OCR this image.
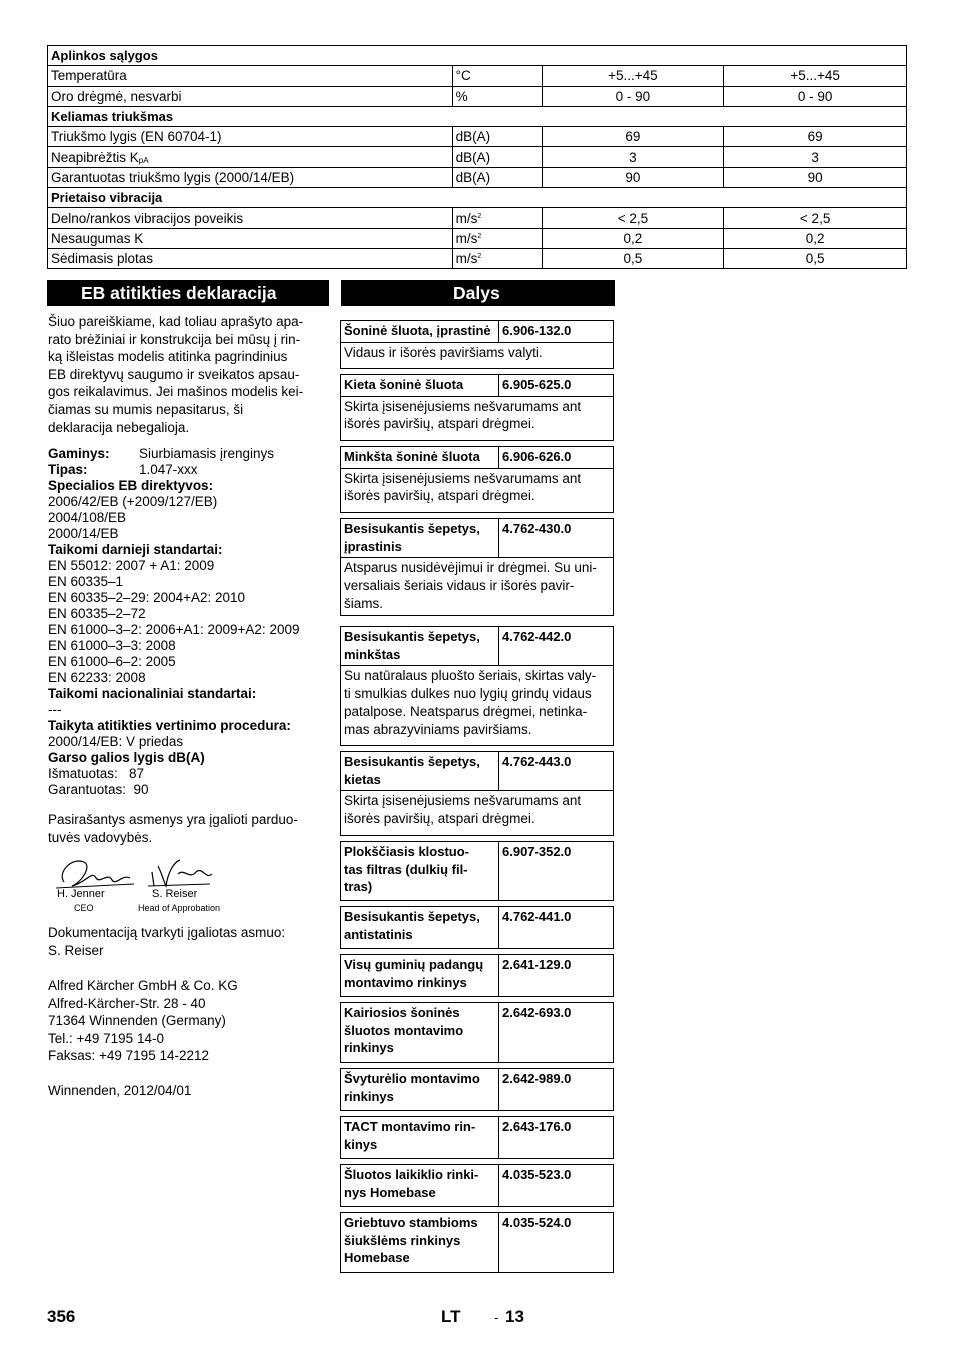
Aplinkos sąlygos			
Temperatūra	°C	+5...+45	+5...+45
Oro drėgmė, nesvarbi	%	0 - 90	0 - 90
Keliamas triukšmas			
Triukšmo lygis (EN 60704-1)	dB(A)	69	69
Neapibrėžtis $K_{pA}$	dB(A)	3	3
Garantuotas triukšmo lygis (2000/14/EB)	dB(A)	90	90
Prietaiso vibracija			
Delno/rankos vibracijos poveikis	$m/s^2$	< 2,5	< 2,5
Nesaugumas K	$m/s^2$	0,2	0,2
Sėdimasis plotas	$m/s^2$	0,5	0,5
EB atitikties deklaracija	Dalys

Šiuo pareiškiame, kad toliau aprašyto apa-
rato brėžiniai ir konstrukcija bei mūsų į rin-
ką išleistas modelis atitinka pagrindinius
EB direktyvų saugumo ir sveikatos apsau-
gos reikalavimus. Jei mašinos modelis kei-
čiamas su mumis nepasitarus, ši
deklaracija nebegalioja.

Gaminys:	Siurbiamasis įrenginys
Tipas:	1.047-xxx
Specialios EB direktyvos:
2006/42/EB (+2009/127/EB)
2004/108/EB
2000/14/EB
Taikomi darnieji standartai:
EN 55012: 2007 + A1: 2009
EN 60335–1
EN 60335–2–29: 2004+A2: 2010
EN 60335–2–72
EN 61000–3–2: 2006+A1: 2009+A2: 2009
EN 61000–3–3: 2008
EN 61000–6–2: 2005
EN 62233: 2008
Taikomi nacionaliniai standartai:
---
Taikyta atitikties vertinimo procedura:
2000/14/EB: V priedas
Garso galios lygis dB(A)
Išmatuotas:   87
Garantuotas:  90
Pasirašantys asmenys yra įgalioti parduo-
tuvės vadovybės.
H. Jenner
CEO
S. Reiser
Head of Approbation
Dokumentaciją tvarkyti įgaliotas asmuo:
S. Reiser
Alfred Kärcher GmbH & Co. KG
Alfred-Kärcher-Str. 28 - 40
71364 Winnenden (Germany)
Tel.: +49 7195 14-0
Faksas: +49 7195 14-2212
Winnenden, 2012/04/01
Šoninė šluota, įprastinė 6.906-132.0
Vidaus ir išorės paviršiams valyti.
Kieta šoninė šluota	6.905-625.0
Skirta įsisenėjusiems nešvarumams ant
išorės paviršių, atspari drėgmei.
Minkšta šoninė šluota	6.906-626.0
Skirta įsisenėjusiems nešvarumams ant
išorės paviršių, atspari drėgmei.
Besisukantis šepetys,
įprastinis
4.762-430.0
Atsparus nusidėvėjimui ir drėgmei. Su uni-
versaliais šeriais vidaus ir išorės pavir-
šiams.
Besisukantis šepetys,
minkštas
4.762-442.0
Su natūralaus pluošto šeriais, skirtas valy-
ti smulkias dulkes nuo lygių grindų vidaus
patalpose. Neatsparus drėgmei, netinka-
mas abrazyviniams paviršiams.
Besisukantis šepetys,
kietas
4.762-443.0
Skirta įsisenėjusiems nešvarumams ant
išorės paviršių, atspari drėgmei.
Plokščiasis klostuo-
tas filtras (dulkių fil-
tras)
6.907-352.0
Besisukantis šepetys,
antistatinis
4.762-441.0
Visų guminių padangų
montavimo rinkinys
2.641-129.0
Kairiosios šoninės
šluotos montavimo
rinkinys
2.642-693.0
Švyturėlio montavimo
rinkinys
2.642-989.0
TACT montavimo rin-
kinys
2.643-176.0
Šluotos laikiklio rinki-
nys Homebase
4.035-523.0
Griebtuvo stambioms
šiukšlėms rinkinys
Homebase
4.035-524.0
356	LT	- 13
